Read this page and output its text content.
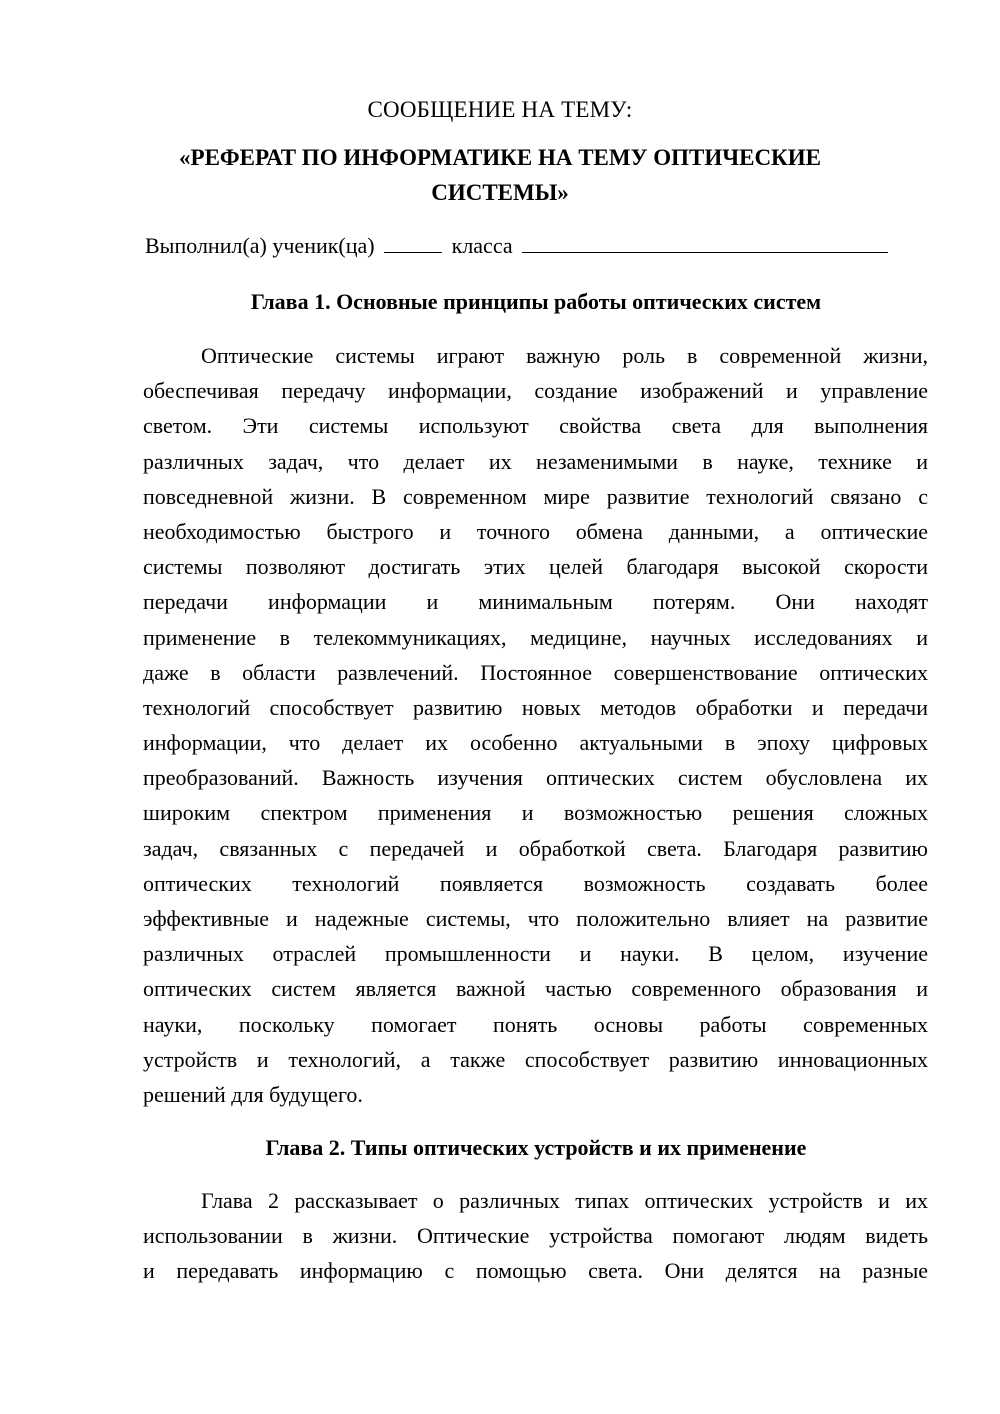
СООБЩЕНИЕ НА ТЕМУ:
«РЕФЕРАТ ПО ИНФОРМАТИКЕ НА ТЕМУ ОПТИЧЕСКИЕ
СИСТЕМЫ»
Выполнил(а) ученик(ца)	класса
Глава 1. Основные принципы работы оптических систем
Оптические системы играют важную роль в современной жизни,
обеспечивая передачу информации, создание изображений и управление
светом. Эти системы используют свойства света для выполнения
различных задач, что делает их незаменимыми в науке, технике и
повседневной жизни. В современном мире развитие технологий связано с
необходимостью быстрого и точного обмена данными, а оптические
системы позволяют достигать этих целей благодаря высокой скорости
передачи информации и минимальным потерям. Они находят
применение в телекоммуникациях, медицине, научных исследованиях и
даже в области развлечений. Постоянное совершенствование оптических
технологий способствует развитию новых методов обработки и передачи
информации, что делает их особенно актуальными в эпоху цифровых
преобразований. Важность изучения оптических систем обусловлена их
широким спектром применения и возможностью решения сложных
задач, связанных с передачей и обработкой света. Благодаря развитию
оптических технологий появляется возможность создавать более
эффективные и надежные системы, что положительно влияет на развитие
различных отраслей промышленности и науки. В целом, изучение
оптических систем является важной частью современного образования и
науки, поскольку помогает понять основы работы современных
устройств и технологий, а также способствует развитию инновационных
решений для будущего.
Глава 2. Типы оптических устройств и их применение
Глава 2 рассказывает о различных типах оптических устройств и их
использовании в жизни. Оптические устройства помогают людям видеть
и передавать информацию с помощью света. Они делятся на разные
